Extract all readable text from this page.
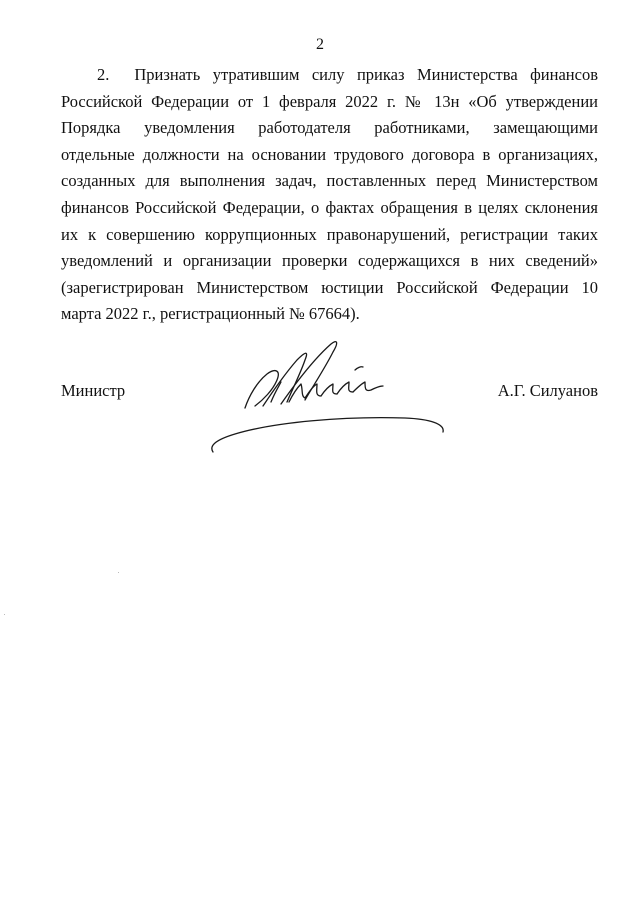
2

2.  Признать утратившим силу приказ Министерства финансов Российской Федерации от 1 февраля 2022 г. № 13н «Об утверждении Порядка уведомления работодателя работниками, замещающими отдельные должности на основании трудового договора в организациях, созданных для выполнения задач, поставленных перед Министерством финансов Российской Федерации, о фактах обращения в целях склонения их к совершению коррупционных правонарушений, регистрации таких уведомлений и организации проверки содержащихся в них сведений» (зарегистрирован Министерством юстиции Российской Федерации 10 марта 2022 г., регистрационный № 67664).

Министр	А.Г. Силуанов
